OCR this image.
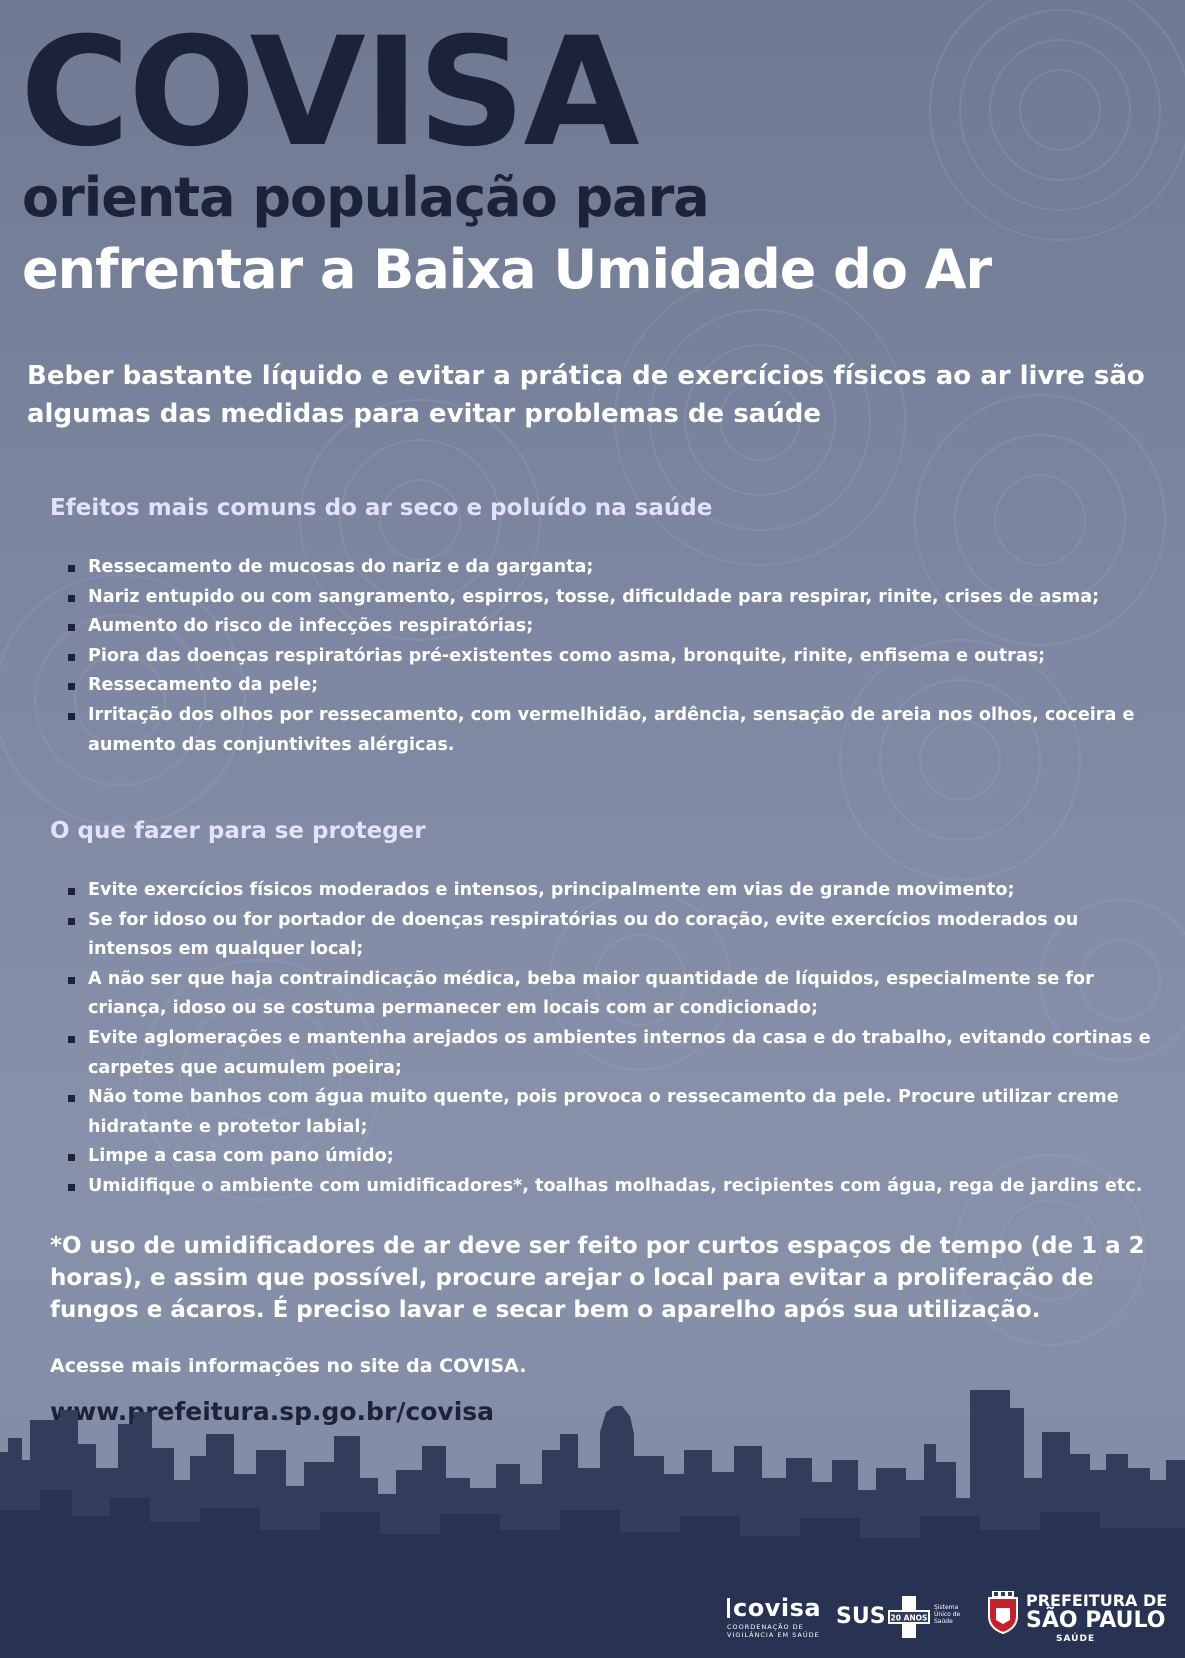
COVISA
orienta população para
enfrentar a Baixa Umidade do Ar

Beber bastante líquido e evitar a prática de exercícios físicos ao ar livre são algumas das medidas para evitar problemas de saúde

Efeitos mais comuns do ar seco e poluído na saúde
Ressecamento de mucosas do nariz e da garganta;
Nariz entupido ou com sangramento, espirros, tosse, dificuldade para respirar, rinite, crises de asma;
Aumento do risco de infecções respiratórias;
Piora das doenças respiratórias pré-existentes como asma, bronquite, rinite, enfisema e outras;
Ressecamento da pele;
Irritação dos olhos por ressecamento, com vermelhidão, ardência, sensação de areia nos olhos, coceira e aumento das conjuntivites alérgicas.
O que fazer para se proteger
Evite exercícios físicos moderados e intensos, principalmente em vias de grande movimento;
Se for idoso ou for portador de doenças respiratórias ou do coração, evite exercícios moderados ou intensos em qualquer local;
A não ser que haja contraindicação médica, beba maior quantidade de líquidos, especialmente se for criança, idoso ou se costuma permanecer em locais com ar condicionado;
Evite aglomerações e mantenha arejados os ambientes internos da casa e do trabalho, evitando cortinas e carpetes que acumulem poeira;
Não tome banhos com água muito quente, pois provoca o ressecamento da pele. Procure utilizar creme hidratante e protetor labial;
Limpe a casa com pano úmido;
Umidifique o ambiente com umidificadores*, toalhas molhadas, recipientes com água, rega de jardins etc.

*O uso de umidificadores de ar deve ser feito por curtos espaços de tempo (de 1 a 2 horas), e assim que possível, procure arejar o local para evitar a proliferação de fungos e ácaros. É preciso lavar e secar bem o aparelho após sua utilização.

Acesse mais informações no site da COVISA.

www.prefeitura.sp.go.br/covisa

covisa
COORDENAÇÃO DE VIGILÂNCIA EM SAÚDE
SUS 20 ANOS
Sistema Único de Saúde
PREFEITURA DE
SÃO PAULO
SAÚDE
